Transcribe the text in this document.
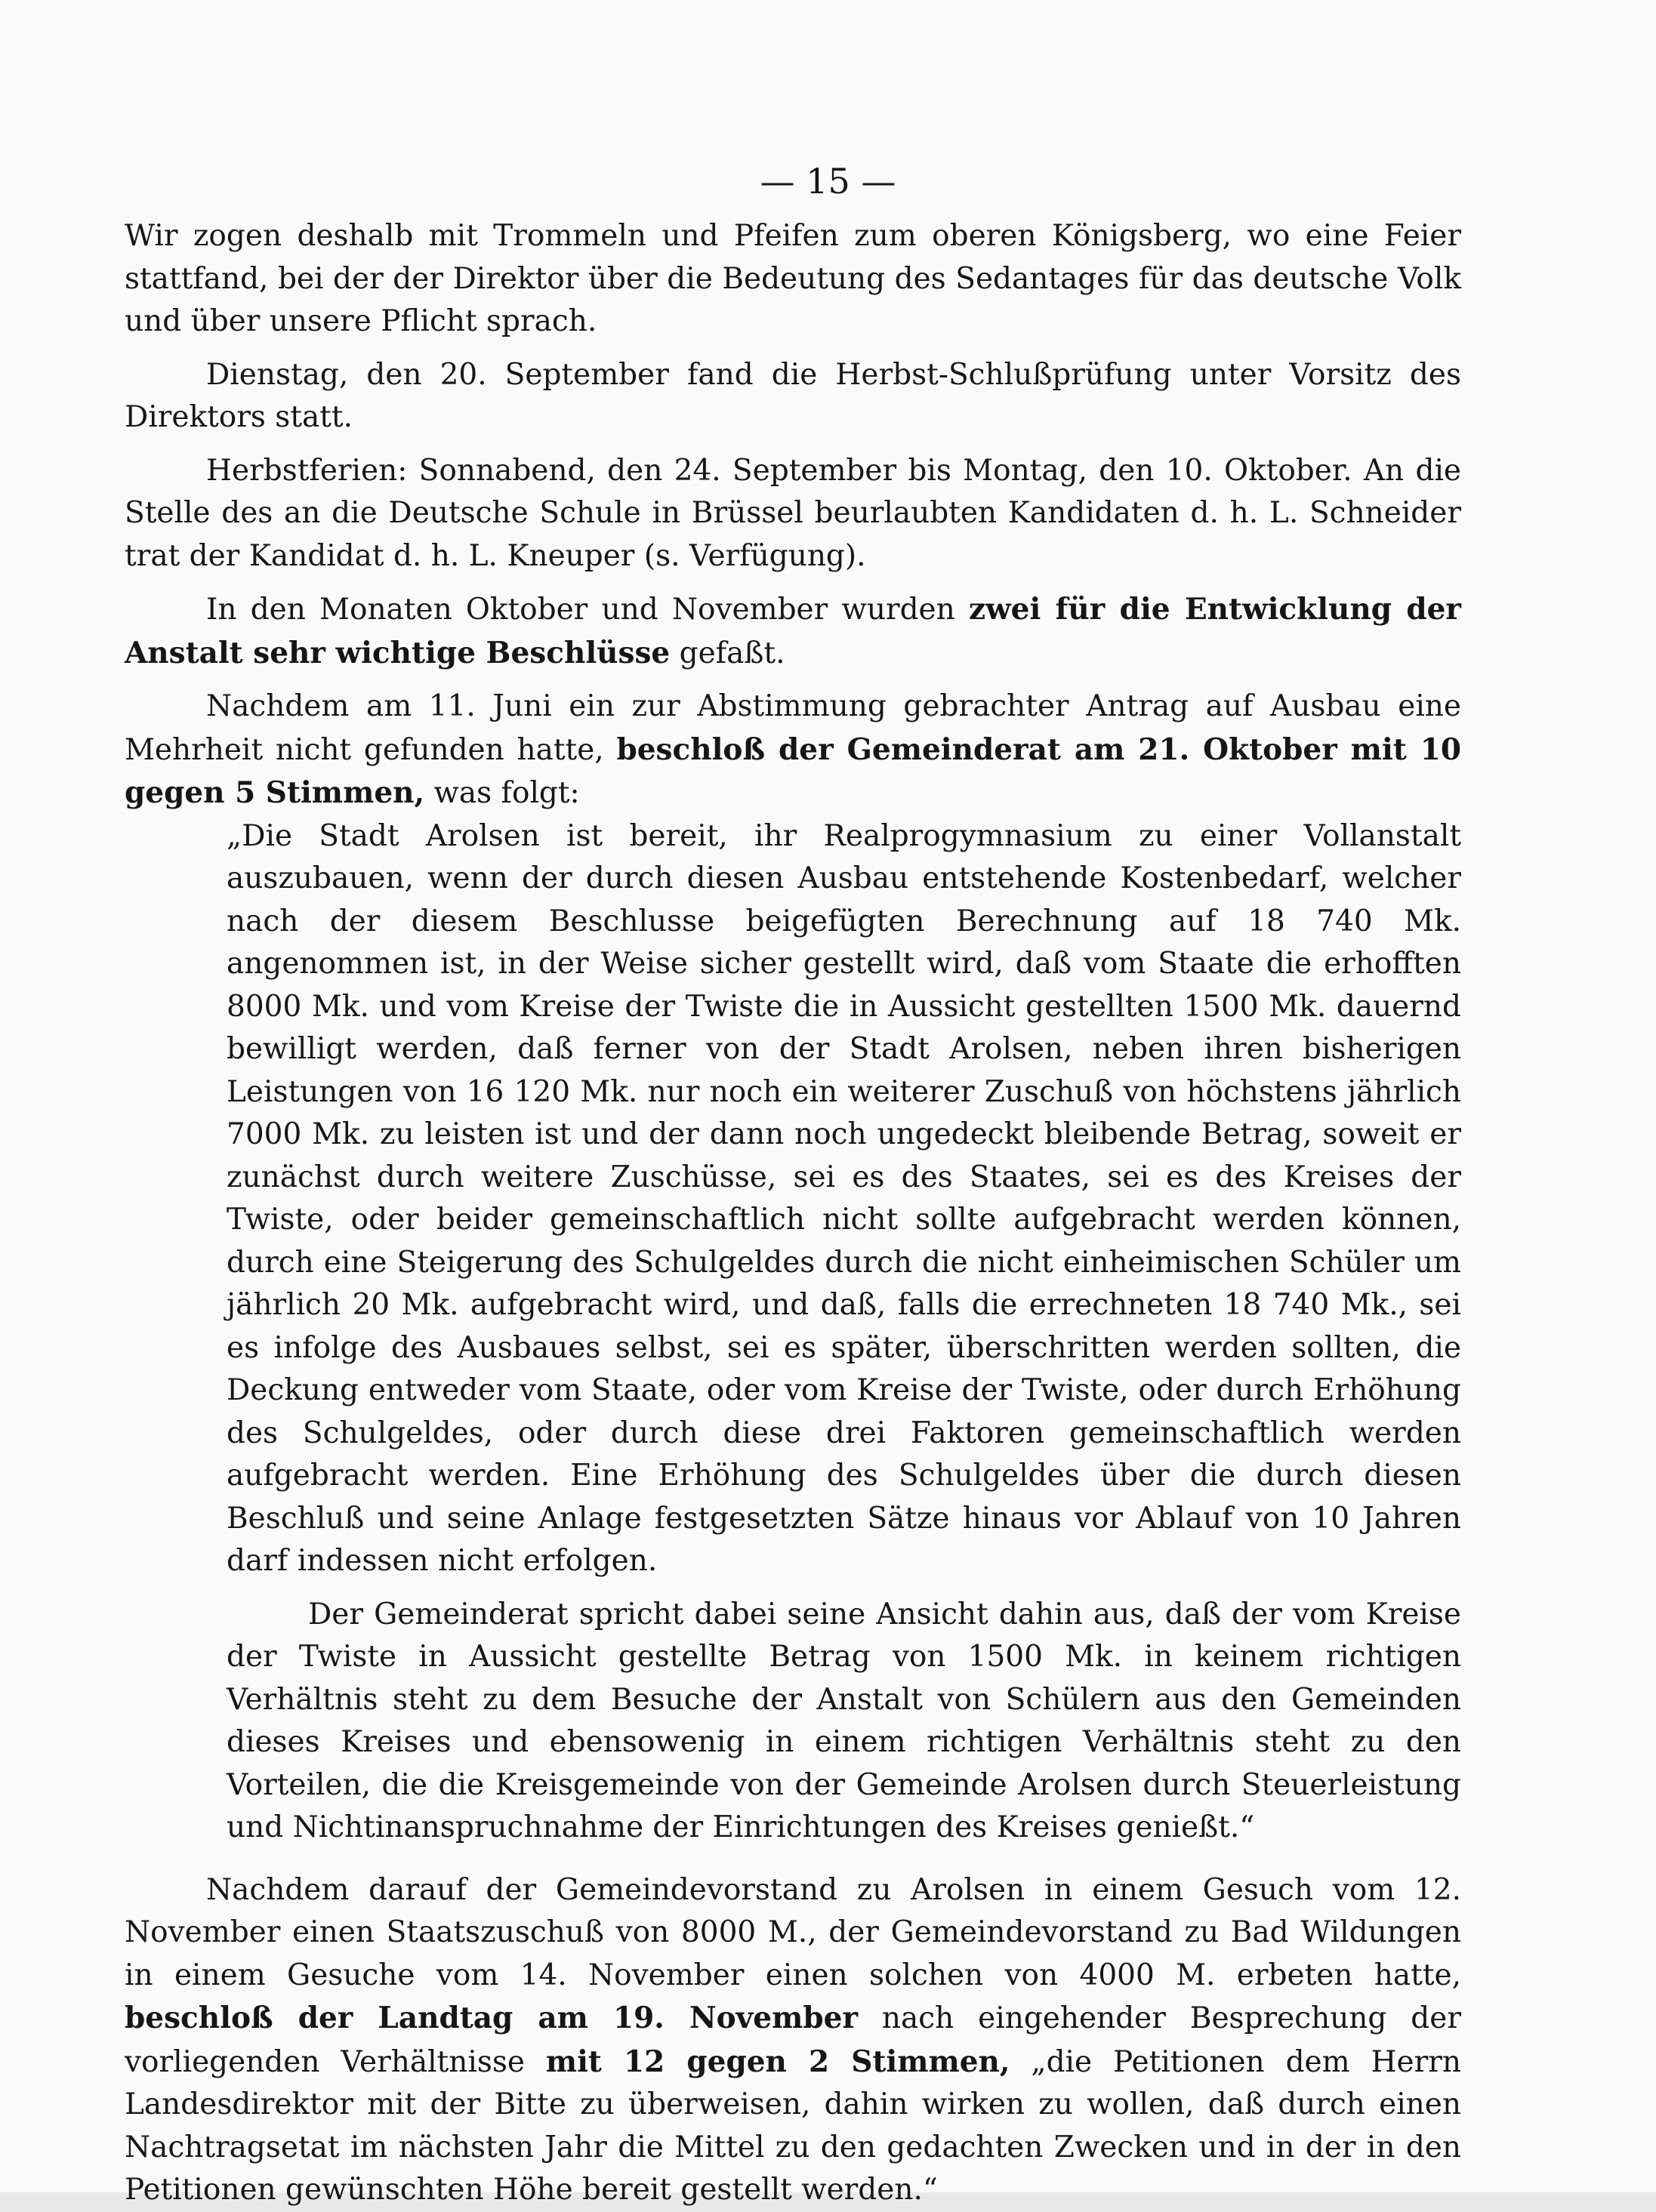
— 15 —

Wir zogen deshalb mit Trommeln und Pfeifen zum oberen Königsberg, wo eine Feier stattfand, bei der der Direktor über die Bedeutung des Sedantages für das deutsche Volk und über unsere Pflicht sprach.

Dienstag, den 20. September fand die Herbst-Schlußprüfung unter Vorsitz des Direktors statt.

Herbstferien: Sonnabend, den 24. September bis Montag, den 10. Oktober. An die Stelle des an die Deutsche Schule in Brüssel beurlaubten Kandidaten d. h. L. Schneider trat der Kandidat d. h. L. Kneuper (s. Verfügung).

In den Monaten Oktober und November wurden zwei für die Entwicklung der Anstalt sehr wichtige Beschlüsse gefaßt.

Nachdem am 11. Juni ein zur Abstimmung gebrachter Antrag auf Ausbau eine Mehrheit nicht gefunden hatte, beschloß der Gemeinderat am 21. Oktober mit 10 gegen 5 Stimmen, was folgt:

„Die Stadt Arolsen ist bereit, ihr Realprogymnasium zu einer Vollanstalt auszubauen, wenn der durch diesen Ausbau entstehende Kostenbedarf, welcher nach der diesem Beschlusse beigefügten Berechnung auf 18 740 Mk. angenommen ist, in der Weise sicher gestellt wird, daß vom Staate die erhofften 8000 Mk. und vom Kreise der Twiste die in Aussicht gestellten 1500 Mk. dauernd bewilligt werden, daß ferner von der Stadt Arolsen, neben ihren bisherigen Leistungen von 16 120 Mk. nur noch ein weiterer Zuschuß von höchstens jährlich 7000 Mk. zu leisten ist und der dann noch ungedeckt bleibende Betrag, soweit er zunächst durch weitere Zuschüsse, sei es des Staates, sei es des Kreises der Twiste, oder beider gemeinschaftlich nicht sollte aufgebracht werden können, durch eine Steigerung des Schulgeldes durch die nicht einheimischen Schüler um jährlich 20 Mk. aufgebracht wird, und daß, falls die errechneten 18 740 Mk., sei es infolge des Ausbaues selbst, sei es später, überschritten werden sollten, die Deckung entweder vom Staate, oder vom Kreise der Twiste, oder durch Erhöhung des Schulgeldes, oder durch diese drei Faktoren gemeinschaftlich werden aufgebracht werden. Eine Erhöhung des Schulgeldes über die durch diesen Beschluß und seine Anlage festgesetzten Sätze hinaus vor Ablauf von 10 Jahren darf indessen nicht erfolgen.

Der Gemeinderat spricht dabei seine Ansicht dahin aus, daß der vom Kreise der Twiste in Aussicht gestellte Betrag von 1500 Mk. in keinem richtigen Verhältnis steht zu dem Besuche der Anstalt von Schülern aus den Gemeinden dieses Kreises und ebensowenig in einem richtigen Verhältnis steht zu den Vorteilen, die die Kreisgemeinde von der Gemeinde Arolsen durch Steuerleistung und Nichtinanspruchnahme der Einrichtungen des Kreises genießt.“

Nachdem darauf der Gemeindevorstand zu Arolsen in einem Gesuch vom 12. November einen Staatszuschuß von 8000 M., der Gemeindevorstand zu Bad Wildungen in einem Gesuche vom 14. November einen solchen von 4000 M. erbeten hatte, beschloß der Landtag am 19. November nach eingehender Besprechung der vorliegenden Verhältnisse mit 12 gegen 2 Stimmen, „die Petitionen dem Herrn Landesdirektor mit der Bitte zu überweisen, dahin wirken zu wollen, daß durch einen Nachtragsetat im nächsten Jahr die Mittel zu den gedachten Zwecken und in der in den Petitionen gewünschten Höhe bereit gestellt werden.“
